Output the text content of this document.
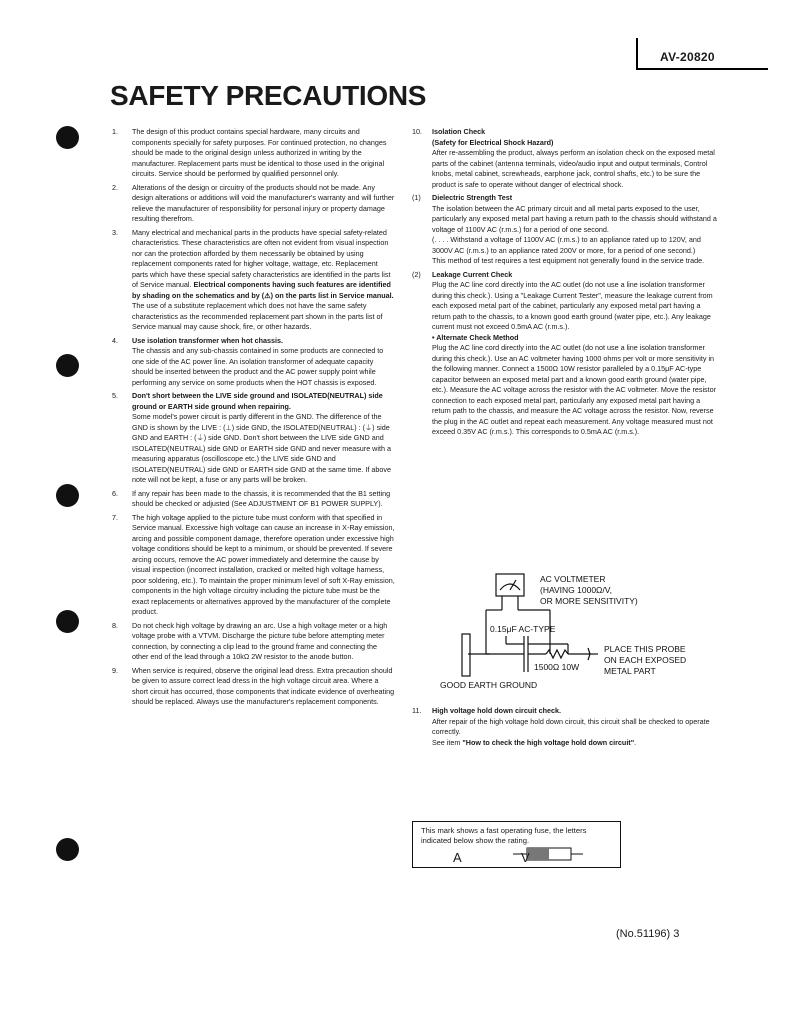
AV-20820
SAFETY PRECAUTIONS
1. The design of this product contains special hardware, many circuits and components specially for safety purposes. For continued protection, no changes should be made to the original design unless authorized in writing by the manufacturer. Replacement parts must be identical to those used in the original circuits. Service should be performed by qualified personnel only.

2. Alterations of the design or circuitry of the products should not be made. Any design alterations or additions will void the manufacturer's warranty and will further relieve the manufacturer of responsibility for personal injury or property damage resulting therefrom.

3. Many electrical and mechanical parts in the products have special safety-related characteristics. These characteristics are often not evident from visual inspection nor can the protection afforded by them necessarily be obtained by using replacement components rated for higher voltage, wattage, etc. Replacement parts which have these special safety characteristics are identified in the parts list of Service manual. Electrical components having such features are identified by shading on the schematics and by (⚠) on the parts list in Service manual. The use of a substitute replacement which does not have the same safety characteristics as the recommended replacement part shown in the parts list of Service manual may cause shock, fire, or other hazards.

4. Use isolation transformer when hot chassis.

The chassis and any sub-chassis contained in some products are connected to one side of the AC power line. An isolation transformer of adequate capacity should be inserted between the product and the AC power supply point while performing any service on some products when the HOT chassis is exposed.

5. Don't short between the LIVE side ground and ISOLATED(NEUTRAL) side ground or EARTH side ground when repairing.

Some model's power circuit is partly different in the GND. The difference of the GND is shown by the LIVE : (⊥) side GND, the ISOLATED(NEUTRAL) : (⏚) side GND and EARTH : (⏚) side GND. Don't short between the LIVE side GND and ISOLATED(NEUTRAL) side GND or EARTH side GND and never measure with a measuring apparatus (oscilloscope etc.) the LIVE side GND and ISOLATED(NEUTRAL) side GND or EARTH side GND at the same time. If above note will not be kept, a fuse or any parts will be broken.

6. If any repair has been made to the chassis, it is recommended that the B1 setting should be checked or adjusted (See ADJUSTMENT OF B1 POWER SUPPLY).

7. The high voltage applied to the picture tube must conform with that specified in Service manual. Excessive high voltage can cause an increase in X-Ray emission, arcing and possible component damage, therefore operation under excessive high voltage conditions should be kept to a minimum, or should be prevented. If severe arcing occurs, remove the AC power immediately and determine the cause by visual inspection (incorrect installation, cracked or melted high voltage harness, poor soldering, etc.). To maintain the proper minimum level of soft X-Ray emission, components in the high voltage circuitry including the picture tube must be the exact replacements or alternatives approved by the manufacturer of the complete product.

8. Do not check high voltage by drawing an arc. Use a high voltage meter or a high voltage probe with a VTVM. Discharge the picture tube before attempting meter connection, by connecting a clip lead to the ground frame and connecting the other end of the lead through a 10kΩ 2W resistor to the anode button.

9. When service is required, observe the original lead dress. Extra precaution should be given to assure correct lead dress in the high voltage circuit area. Where a short circuit has occurred, those components that indicate evidence of overheating should be replaced. Always use the manufacturer's replacement components.

10. Isolation Check

(Safety for Electrical Shock Hazard)

After re-assembling the product, always perform an isolation check on the exposed metal parts of the cabinet (antenna terminals, video/audio input and output terminals, Control knobs, metal cabinet, screwheads, earphone jack, control shafts, etc.) to be sure the product is safe to operate without danger of electrical shock.

(1) Dielectric Strength Test

The isolation between the AC primary circuit and all metal parts exposed to the user, particularly any exposed metal part having a return path to the chassis should withstand a voltage of 1100V AC (r.m.s.) for a period of one second.

(. . . . Withstand a voltage of 1100V AC (r.m.s.) to an appliance rated up to 120V, and 3000V AC (r.m.s.) to an appliance rated 200V or more, for a period of one second.)

This method of test requires a test equipment not generally found in the service trade.

(2) Leakage Current Check

Plug the AC line cord directly into the AC outlet (do not use a line isolation transformer during this check.). Using a "Leakage Current Tester", measure the leakage current from each exposed metal part of the cabinet, particularly any exposed metal part having a return path to the chassis, to a known good earth ground (water pipe, etc.). Any leakage current must not exceed 0.5mA AC (r.m.s.).

• Alternate Check Method

Plug the AC line cord directly into the AC outlet (do not use a line isolation transformer during this check.). Use an AC voltmeter having 1000 ohms per volt or more sensitivity in the following manner. Connect a 1500Ω 10W resistor paralleled by a 0.15μF AC-type capacitor between an exposed metal part and a known good earth ground (water pipe, etc.). Measure the AC voltage across the resistor with the AC voltmeter. Move the resistor connection to each exposed metal part, particularly any exposed metal part having a return path to the chassis, and measure the AC voltage across the resistor. Now, reverse the plug in the AC outlet and repeat each measurement. Any voltage measured must not exceed 0.35V AC (r.m.s.). This corresponds to 0.5mA AC (r.m.s.).

AC VOLTMETER
(HAVING 1000Ω/V,
OR MORE SENSITIVITY)
0.15μF AC-TYPE
1500Ω 10W
PLACE THIS PROBE
ON EACH EXPOSED
METAL PART
GOOD EARTH GROUND
11. High voltage hold down circuit check.

After repair of the high voltage hold down circuit, this circuit shall be checked to operate correctly.

See item "How to check the high voltage hold down circuit".

This mark shows a fast operating fuse, the letters indicated below show the rating.
A	V
(No.51196) 3
